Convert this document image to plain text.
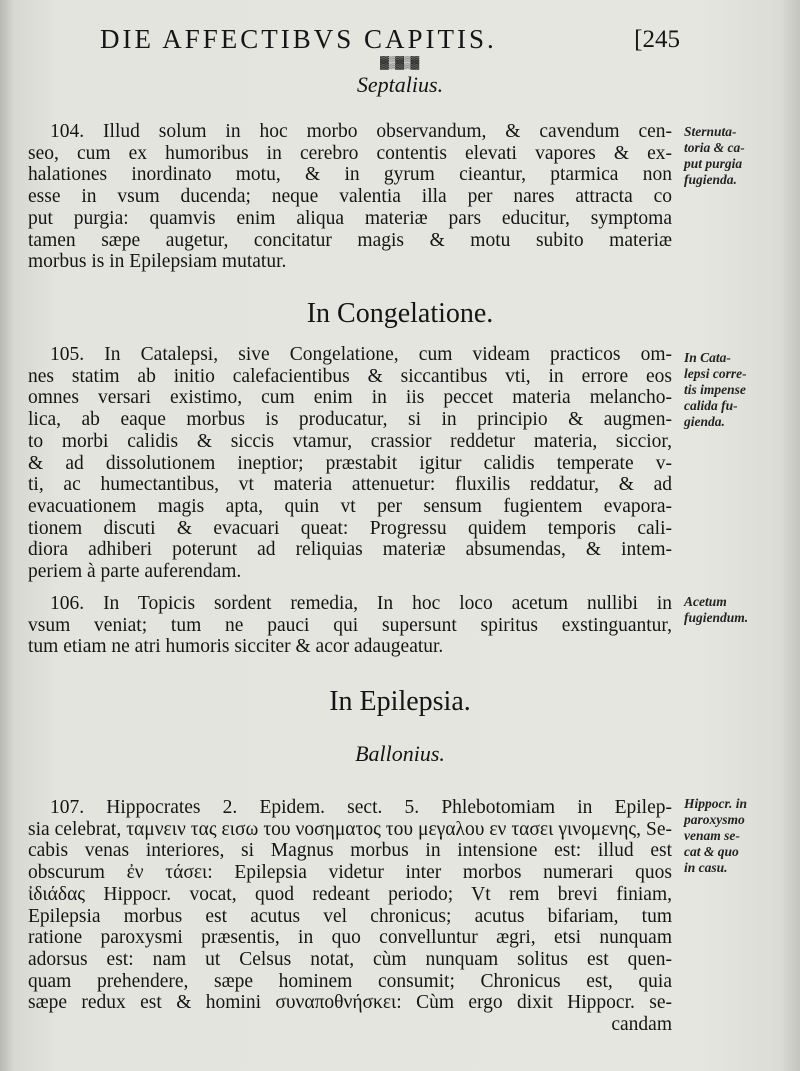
DIE AFFECTIBVS CAPITIS.	[245
▓▒▓▒▓
Septalius.
104. Illud solum in hoc morbo observandum, & cavendum cen-
seo, cum ex humoribus in cerebro contentis elevati vapores & ex-
halationes inordinato motu, & in gyrum cieantur, ptarmica non
esse in vsum ducenda; neque valentia illa per nares attracta co
put purgia: quamvis enim aliqua materiæ pars educitur, symptoma
tamen sæpe augetur, concitatur magis & motu subito materiæ
morbus is in Epilepsiam mutatur.
Sternuta-
toria & ca-
put purgia
fugienda.
In Congelatione.
105. In Catalepsi, sive Congelatione, cum videam practicos om-
nes statim ab initio calefacientibus & siccantibus vti, in errore eos
omnes versari existimo, cum enim in iis peccet materia melancho-
lica, ab eaque morbus is producatur, si in principio & augmen-
to morbi calidis & siccis vtamur, crassior reddetur materia, siccior,
& ad dissolutionem ineptior; præstabit igitur calidis temperate v-
ti, ac humectantibus, vt materia attenuetur: fluxilis reddatur, & ad
evacuationem magis apta, quin vt per sensum fugientem evapora-
tionem discuti & evacuari queat: Progressu quidem temporis cali-
diora adhiberi poterunt ad reliquias materiæ absumendas, & intem-
periem à parte auferendam.
In Cata-
lepsi corre-
tis impense
calida fu-
gienda.
106. In Topicis sordent remedia, In hoc loco acetum nullibi in
vsum veniat; tum ne pauci qui supersunt spiritus exstinguantur,
tum etiam ne atri humoris sicciter & acor adaugeatur.
Acetum
fugiendum.
In Epilepsia.
Ballonius.
107. Hippocrates 2. Epidem. sect. 5. Phlebotomiam in Epilep-
sia celebrat, ταμνειν τας εισω του νοσηματος του μεγαλου εν τασει γινομενης, Se-
cabis venas interiores, si Magnus morbus in intensione est: illud est
obscurum ἐν τάσει: Epilepsia videtur inter morbos numerari quos
ἰδιάδας Hippocr. vocat, quod redeant periodo; Vt rem brevi finiam,
Epilepsia morbus est acutus vel chronicus; acutus bifariam, tum
ratione paroxysmi præsentis, in quo convelluntur ægri, etsi nunquam
adorsus est: nam ut Celsus notat, cùm nunquam solitus est quen-
quam prehendere, sæpe hominem consumit; Chronicus est, quia
sæpe redux est & homini συναποθνήσκει: Cùm ergo dixit Hippocr. se-
candam
Hippocr. in
paroxysmo
venam se-
cat & quo
in casu.
